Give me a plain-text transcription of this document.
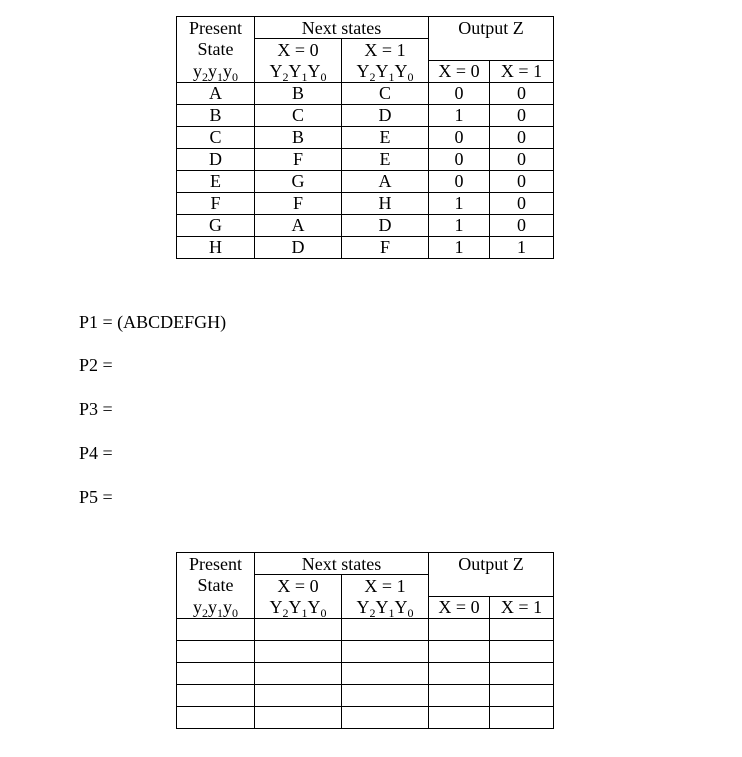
Present	Next states		Output Z	
State	X = 0	X = 1		
$y_2y_1y_0$	$Y_2Y_1Y_0$	$Y_2Y_1Y_0$	X = 0	X = 1
A	B	C	0	0
B	C	D	1	0
C	B	E	0	0
D	F	E	0	0
E	G	A	0	0
F	F	H	1	0
G	A	D	1	0
H	D	F	1	1
P1 = (ABCDEFGH)
P2 =
P3 =
P4 =
P5 =
Present	Next states		Output Z	
State	X = 0	X = 1		
$y_2y_1y_0$	$Y_2Y_1Y_0$	$Y_2Y_1Y_0$	X = 0	X = 1
